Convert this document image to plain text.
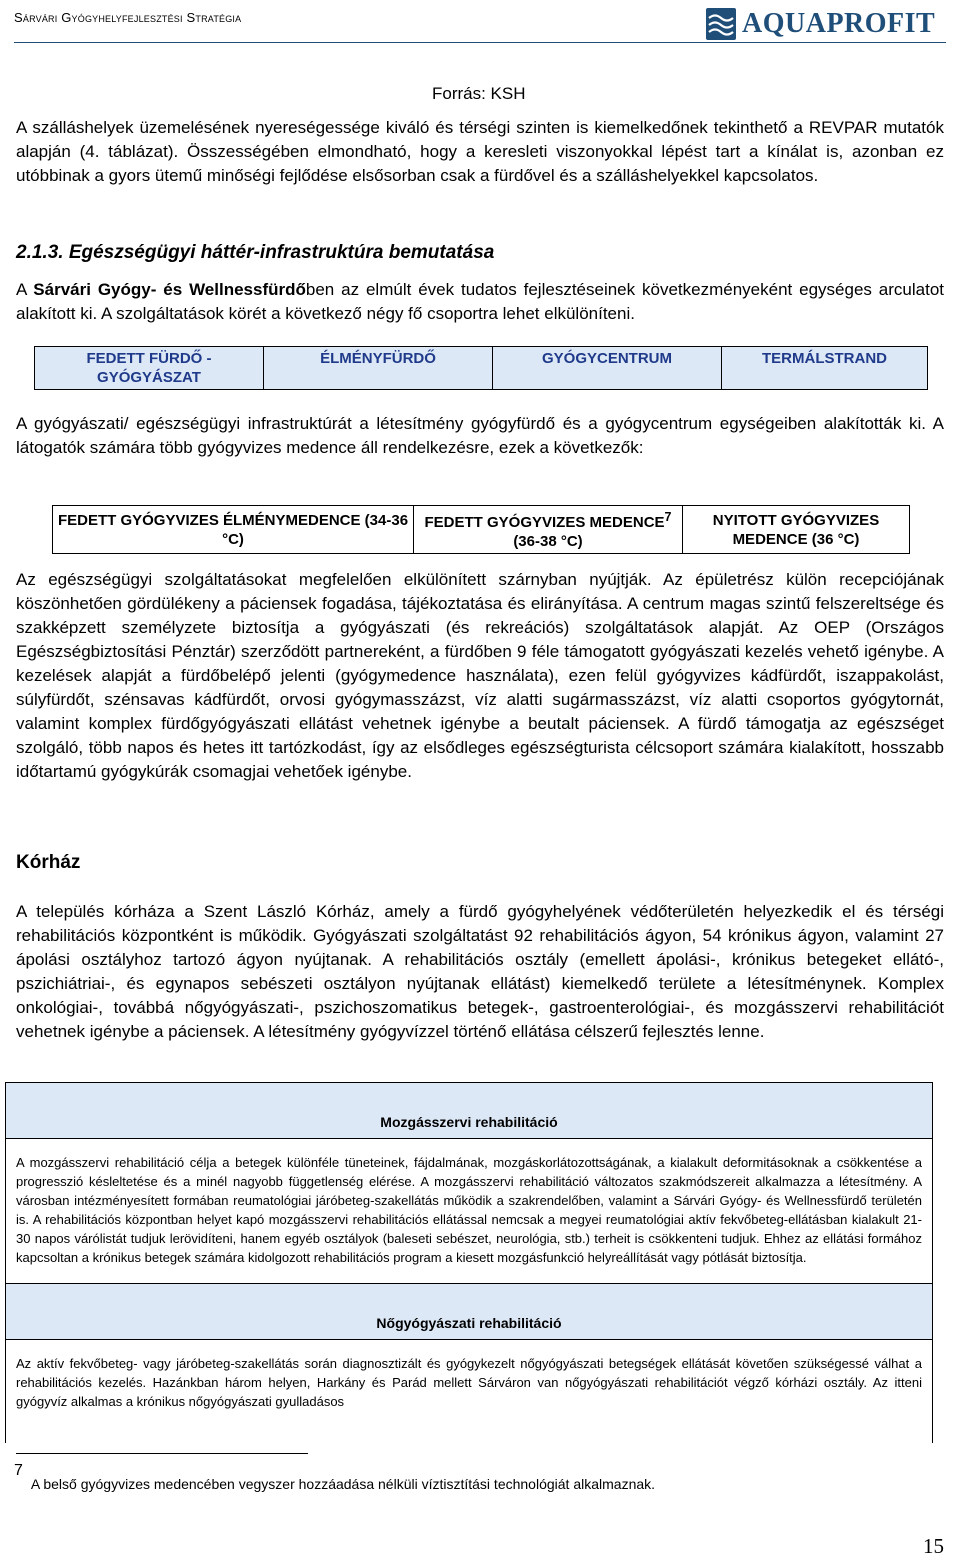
Sárvári Gyógyhelyfejlesztési Stratégia	AQUAPROFIT
Forrás: KSH

A szálláshelyek üzemelésének nyereségessége kiváló és térségi szinten is kiemelkedőnek tekinthető a REVPAR mutatók alapján (4. táblázat). Összességében elmondható, hogy a keresleti viszonyokkal lépést tart a kínálat is, azonban ez utóbbinak a gyors ütemű minőségi fejlődése elsősorban csak a fürdővel és a szálláshelyekkel kapcsolatos.

2.1.3. Egészségügyi háttér-infrastruktúra bemutatása

A Sárvári Gyógy- és Wellnessfürdőben az elmúlt évek tudatos fejlesztéseinek következményeként egységes arculatot alakított ki. A szolgáltatások körét a következő négy fő csoportra lehet elkülöníteni.

FEDETT FÜRDŐ - GYÓGYÁSZAT	ÉLMÉNYFÜRDŐ	GYÓGYCENTRUM	TERMÁLSTRAND

A gyógyászati/ egészségügyi infrastruktúrát a létesítmény gyógyfürdő és a gyógycentrum egységeiben alakították ki. A látogatók számára több gyógyvizes medence áll rendelkezésre, ezek a következők:

FEDETT GYÓGYVIZES ÉLMÉNYMEDENCE (34-36 °C)	FEDETT GYÓGYVIZES MEDENCE$^7$ (36-38 °C)	NYITOTT GYÓGYVIZES MEDENCE (36 °C)

Az egészségügyi szolgáltatásokat megfelelően elkülönített szárnyban nyújtják. Az épületrész külön recepciójának köszönhetően gördülékeny a páciensek fogadása, tájékoztatása és elirányítása. A centrum magas szintű felszereltsége és szakképzett személyzete biztosítja a gyógyászati (és rekreációs) szolgáltatások alapját. Az OEP (Országos Egészségbiztosítási Pénztár) szerződött partnereként, a fürdőben 9 féle támogatott gyógyászati kezelés vehető igénybe. A kezelések alapját a fürdőbelépő jelenti (gyógymedence használata), ezen felül gyógyvizes kádfürdőt, iszappakolást, súlyfürdőt, szénsavas kádfürdőt, orvosi gyógymasszázst, víz alatti sugármasszázst, víz alatti csoportos gyógytornát, valamint komplex fürdőgyógyászati ellátást vehetnek igénybe a beutalt páciensek. A fürdő támogatja az egészséget szolgáló, több napos és hetes itt tartózkodást, így az elsődleges egészségturista célcsoport számára kialakított, hosszabb időtartamú gyógykúrák csomagjai vehetőek igénybe.

Kórház

A település kórháza a Szent László Kórház, amely a fürdő gyógyhelyének védőterületén helyezkedik el és térségi rehabilitációs központként is működik. Gyógyászati szolgáltatást 92 rehabilitációs ágyon, 54 krónikus ágyon, valamint 27 ápolási osztályhoz tartozó ágyon nyújtanak. A rehabilitációs osztály (emellett ápolási-, krónikus betegeket ellátó-, pszichiátriai-, és egynapos sebészeti osztályon nyújtanak ellátást) kiemelkedő területe a létesítménynek. Komplex onkológiai-, továbbá nőgyógyászati-, pszichoszomatikus betegek-, gastroenterológiai-, és mozgásszervi rehabilitációt vehetnek igénybe a páciensek. A létesítmény gyógyvízzel történő ellátása célszerű fejlesztés lenne.

Mozgásszervi rehabilitáció
A mozgásszervi rehabilitáció célja a betegek különféle tüneteinek, fájdalmának, mozgáskorlátozottságának, a kialakult deformitásoknak a csökkentése a progresszió késleltetése és a minél nagyobb függetlenség elérése. A mozgásszervi rehabilitáció változatos szakmódszereit alkalmazza a létesítmény. A városban intézményesített formában reumatológiai járóbeteg-szakellátás működik a szakrendelőben, valamint a Sárvári Gyógy- és Wellnessfürdő területén is. A rehabilitációs központban helyet kapó mozgásszervi rehabilitációs ellátással nemcsak a megyei reumatológiai aktív fekvőbeteg-ellátásban kialakult 21-30 napos várólistát tudjuk lerövidíteni, hanem egyéb osztályok (baleseti sebészet, neurológia, stb.) terheit is csökkenteni tudjuk. Ehhez az ellátási formához kapcsoltan a krónikus betegek számára kidolgozott rehabilitációs program a kiesett mozgásfunkció helyreállítását vagy pótlását biztosítja.
Nőgyógyászati rehabilitáció
Az aktív fekvőbeteg- vagy járóbeteg-szakellátás során diagnosztizált és gyógykezelt nőgyógyászati betegségek ellátását követően szükségessé válhat a rehabilitációs kezelés. Hazánkban három helyen, Harkány és Parád mellett Sárváron van nőgyógyászati rehabilitációt végző kórházi osztály. Az itteni gyógyvíz alkalmas a krónikus nőgyógyászati gyulladásos
$^7$A belső gyógyvizes medencében vegyszer hozzáadása nélküli víztisztítási technológiát alkalmaznak.
15
